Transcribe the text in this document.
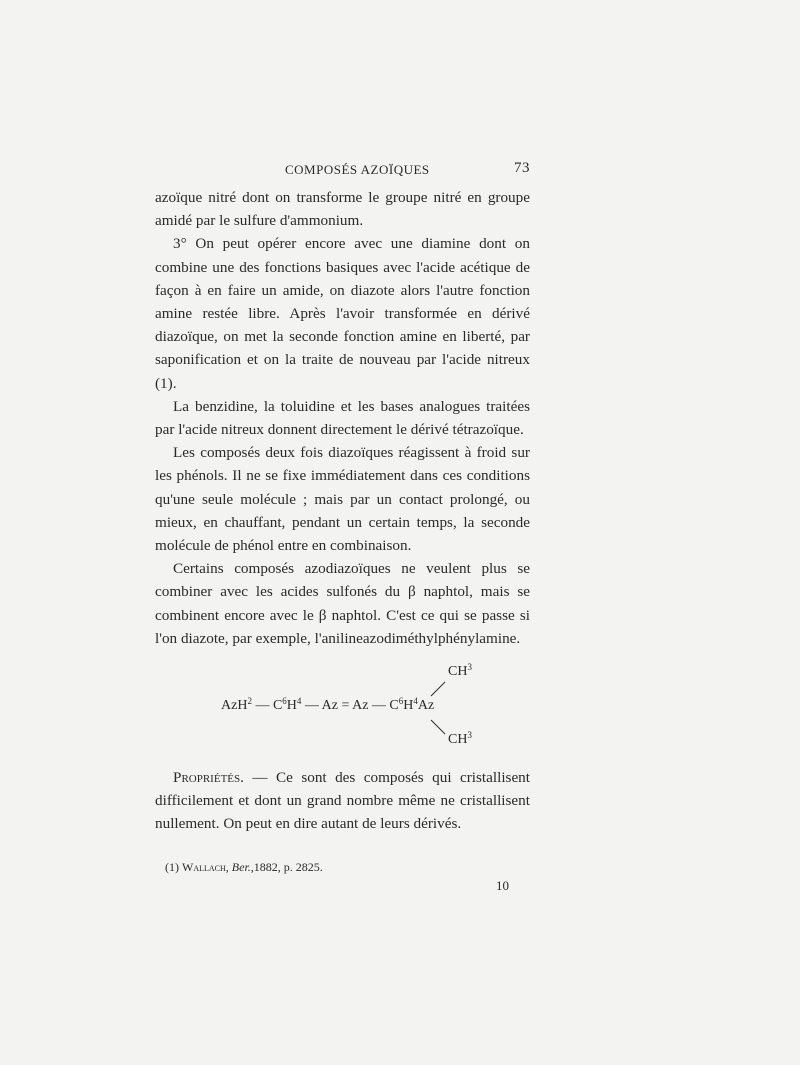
COMPOSÉS AZOÏQUES	73

azoïque nitré dont on transforme le groupe nitré en groupe amidé par le sulfure d'ammonium.

3° On peut opérer encore avec une diamine dont on combine une des fonctions basiques avec l'acide acétique de façon à en faire un amide, on diazote alors l'autre fonction amine restée libre. Après l'avoir transformée en dérivé diazoïque, on met la seconde fonction amine en liberté, par saponification et on la traite de nouveau par l'acide nitreux (1).

La benzidine, la toluidine et les bases analogues traitées par l'acide nitreux donnent directement le dérivé tétrazoïque.

Les composés deux fois diazoïques réagissent à froid sur les phénols. Il ne se fixe immédiatement dans ces conditions qu'une seule molécule ; mais par un contact prolongé, ou mieux, en chauffant, pendant un certain temps, la seconde molécule de phénol entre en combinaison.

Certains composés azodiazoïques ne veulent plus se combiner avec les acides sulfonés du β naphtol, mais se combinent encore avec le β naphtol. C'est ce qui se passe si l'on diazote, par exemple, l'anilineazodiméthylphénylamine.

$CH^3$
AzH$^2$ — $C^6H^4$ — Az = Az — $C^6H^4Az$
$CH^3$

Propriétés. — Ce sont des composés qui cristallisent difficilement et dont un grand nombre même ne cristallisent nullement. On peut en dire autant de leurs dérivés.

(1) Wallach, Ber.,1882, p. 2825.
10
